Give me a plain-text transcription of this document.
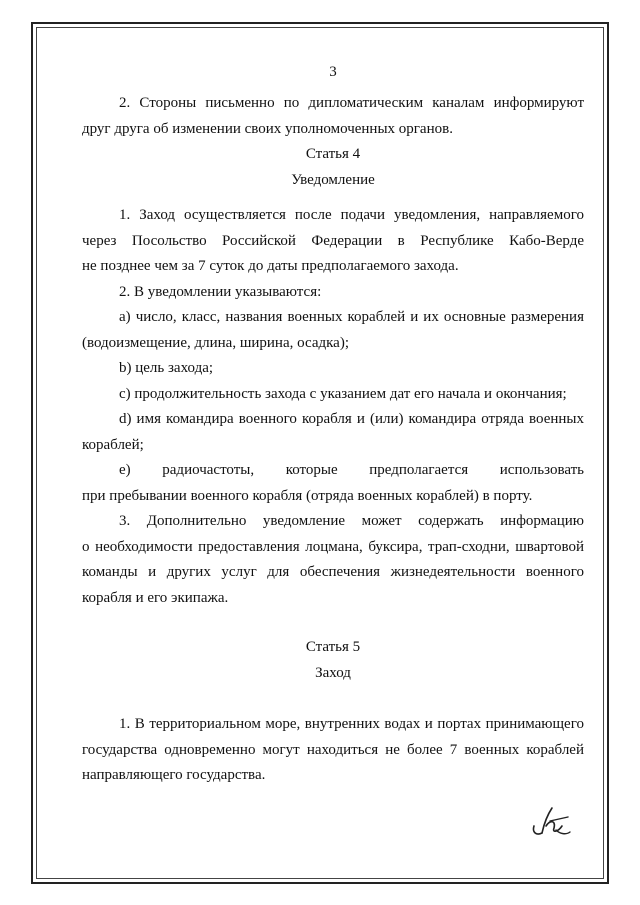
3

2. Стороны письменно по дипломатическим каналам информируют

друг друга об изменении своих уполномоченных органов.

Статья 4

Уведомление

1. Заход осуществляется после подачи уведомления, направляемого

через Посольство Российской Федерации в Республике Кабо-Верде

не позднее чем за 7 суток до даты предполагаемого захода.

2. В уведомлении указываются:

a) число, класс, названия военных кораблей и их основные размерения

(водоизмещение, длина, ширина, осадка);

b) цель захода;

c) продолжительность захода с указанием дат его начала и окончания;

d) имя командира военного корабля и (или) командира отряда военных

кораблей;

e) радиочастоты, которые предполагается использовать

при пребывании военного корабля (отряда военных кораблей) в порту.

3. Дополнительно уведомление может содержать информацию

о необходимости предоставления лоцмана, буксира, трап-сходни, швартовой

команды и других услуг для обеспечения жизнедеятельности военного

корабля и его экипажа.

Статья 5

Заход

1. В территориальном море, внутренних водах и портах принимающего

государства одновременно могут находиться не более 7 военных кораблей

направляющего государства.
